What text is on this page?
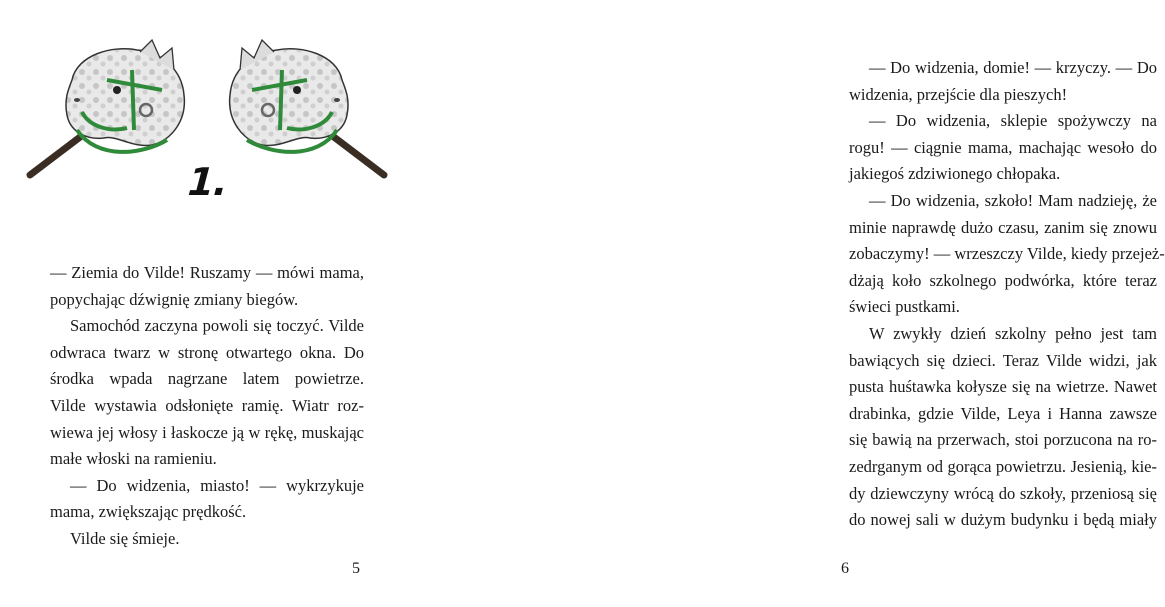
1.
— Ziemia do Vilde! Ruszamy — mówi mama,
popychając dźwignię zmiany biegów.
Samochód zaczyna powoli się toczyć. Vilde
odwraca twarz w stronę otwartego okna. Do
środka wpada nagrzane latem powietrze.
Vilde wystawia odsłonięte ramię. Wiatr roz-
wiewa jej włosy i łaskocze ją w rękę, muskając
małe włoski na ramieniu.
— Do widzenia, miasto! — wykrzykuje
mama, zwiększając prędkość.
Vilde się śmieje.
5
— Do widzenia, domie! — krzyczy. — Do
widzenia, przejście dla pieszych!
— Do widzenia, sklepie spożywczy na
rogu! — ciągnie mama, machając wesoło do
jakiegoś zdziwionego chłopaka.
— Do widzenia, szkoło! Mam nadzieję, że
minie naprawdę dużo czasu, zanim się znowu
zobaczymy! — wrzeszczy Vilde, kiedy przejeż-
dżają koło szkolnego podwórka, które teraz
świeci pustkami.
W zwykły dzień szkolny pełno jest tam
bawiących się dzieci. Teraz Vilde widzi, jak
pusta huśtawka kołysze się na wietrze. Nawet
drabinka, gdzie Vilde, Leya i Hanna zawsze
się bawią na przerwach, stoi porzucona na ro-
zedrganym od gorąca powietrzu. Jesienią, kie-
dy dziewczyny wrócą do szkoły, przeniosą się
do nowej sali w dużym budynku i będą miały
6
